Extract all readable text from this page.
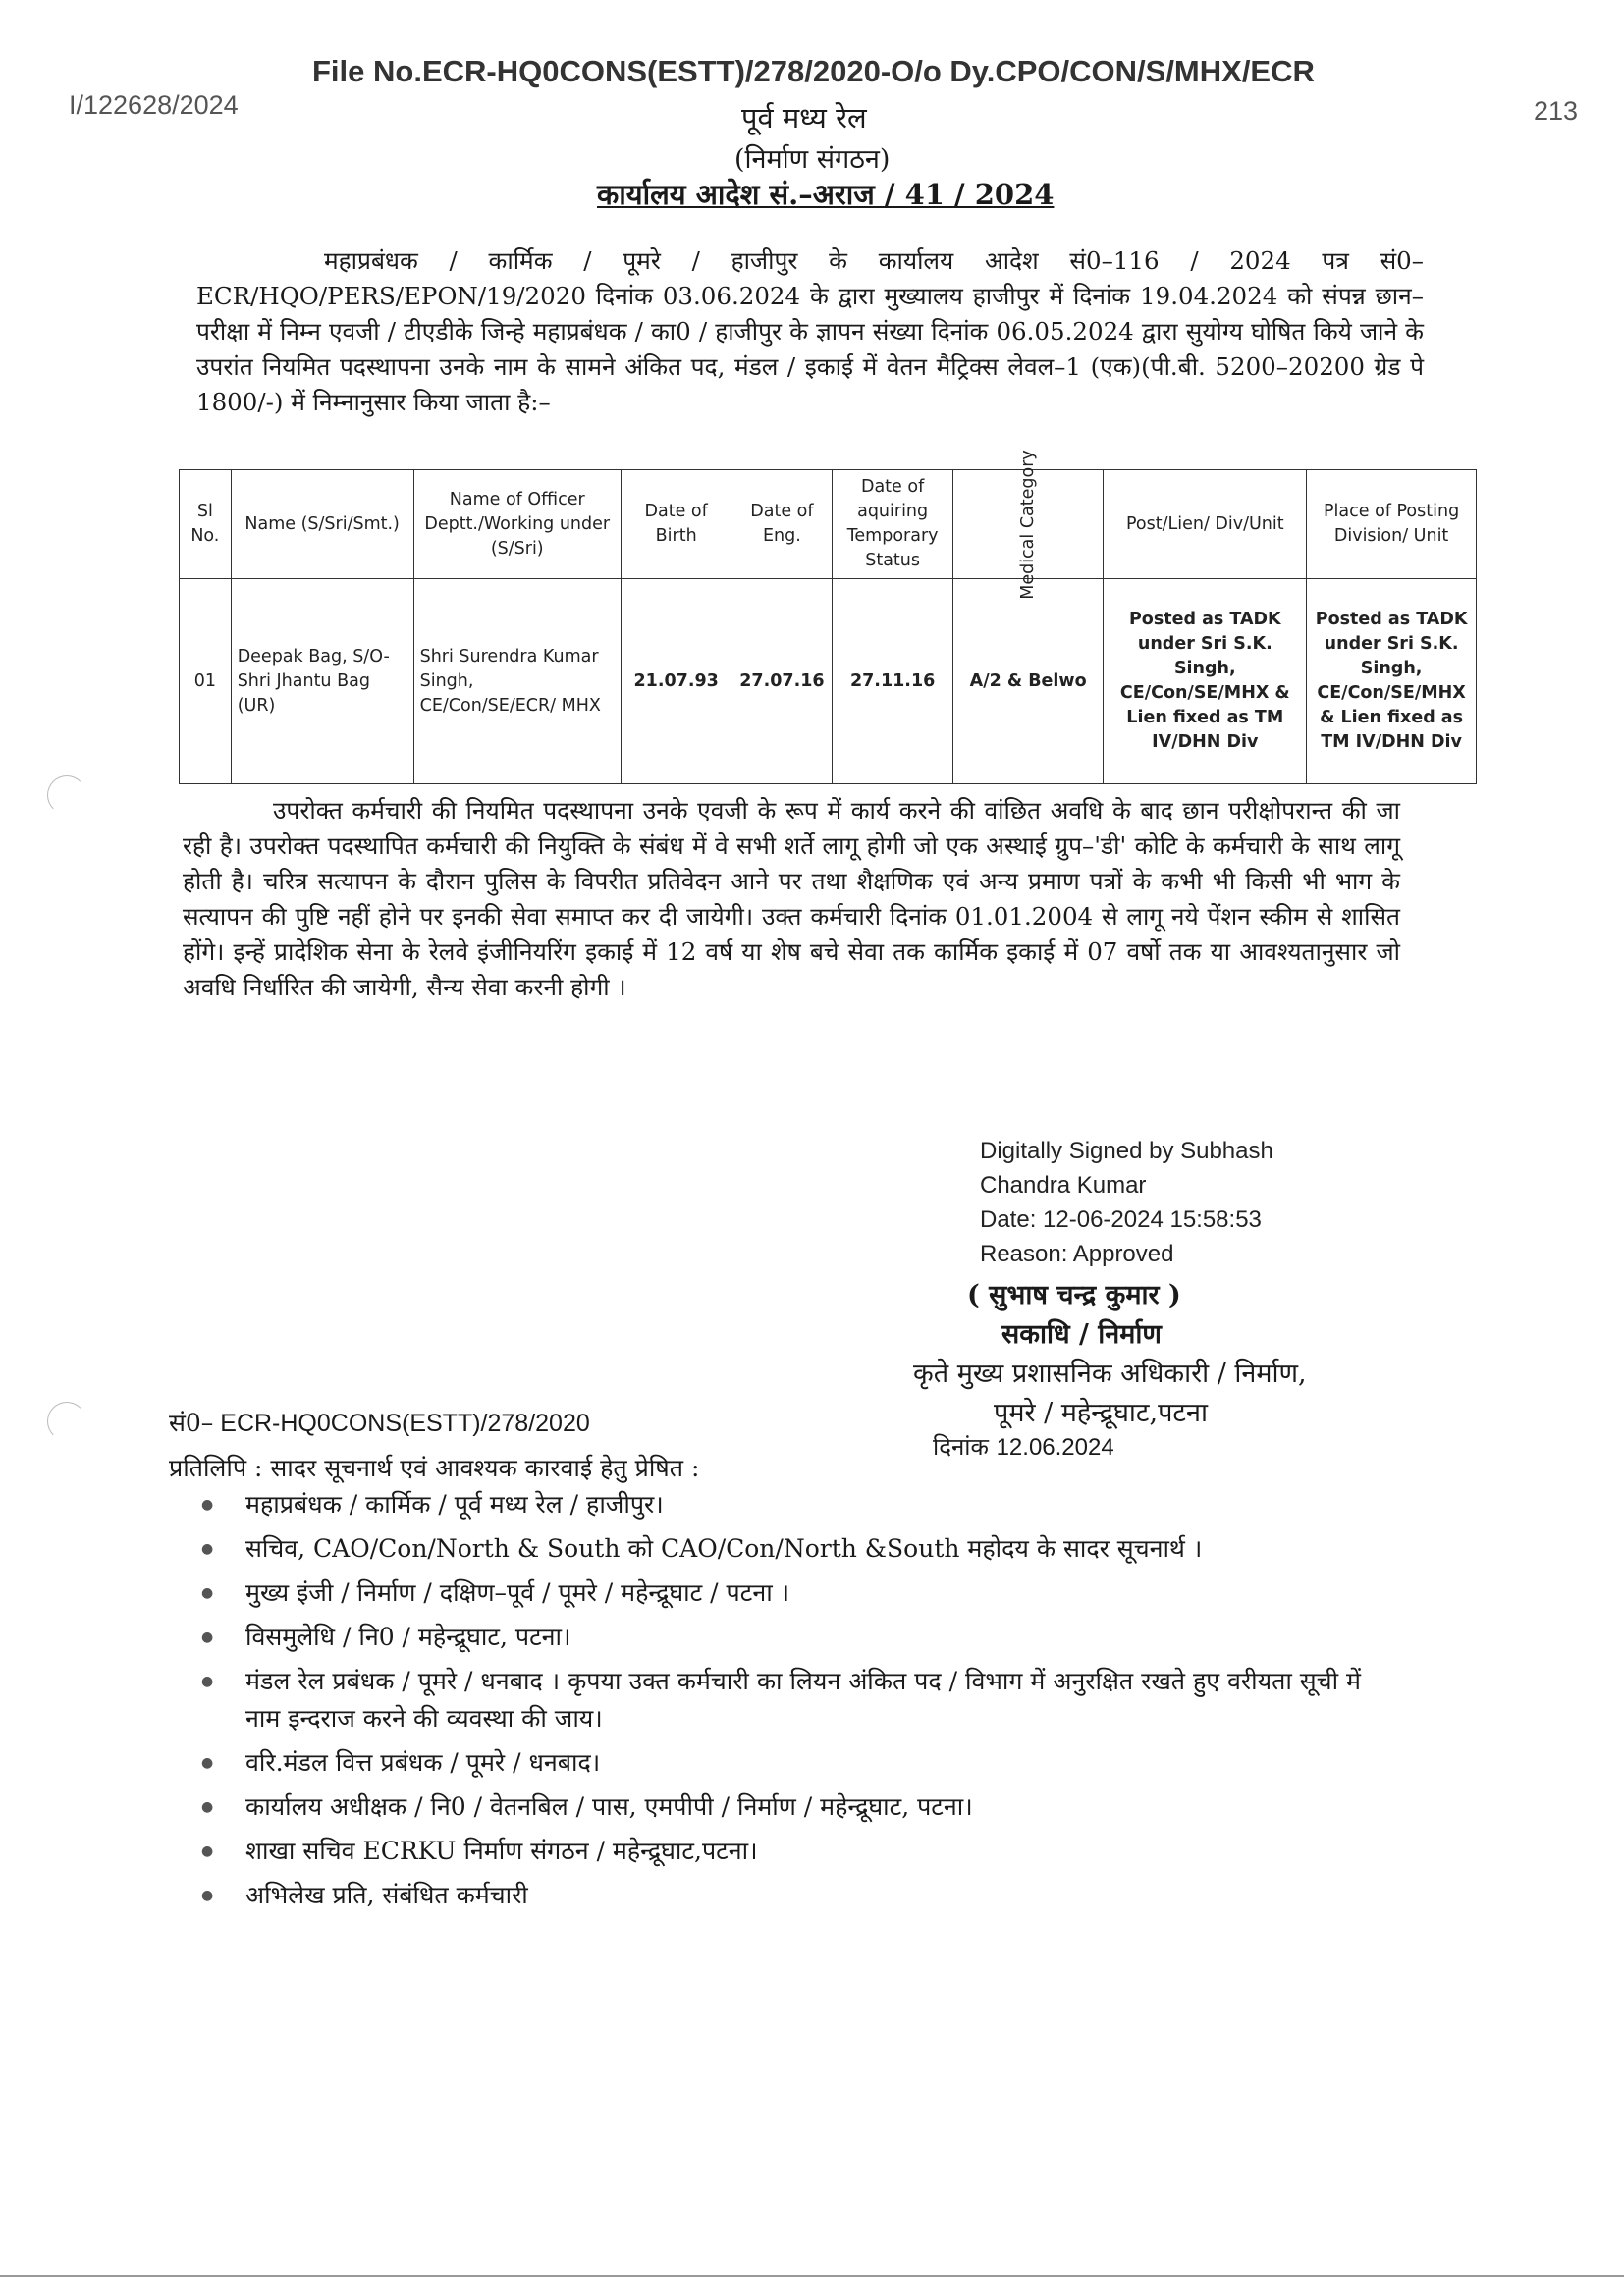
I/122628/2024	213
File No.ECR-HQ0CONS(ESTT)/278/2020-O/o Dy.CPO/CON/S/MHX/ECR
पूर्व मध्य रेल
(निर्माण संगठन)
कार्यालय आदेश सं.–अराज / 41 / 2024
महाप्रबंधक / कार्मिक / पूमरे / हाजीपुर के कार्यालय आदेश सं0–116 / 2024 पत्र सं0–ECR/HQO/PERS/EPON/19/2020 दिनांक 03.06.2024 के द्वारा मुख्यालय हाजीपुर में दिनांक 19.04.2024 को संपन्न छान–परीक्षा में निम्न एवजी / टीएडीके जिन्हे महाप्रबंधक / का0 / हाजीपुर के ज्ञापन संख्या दिनांक 06.05.2024 द्वारा सुयोग्य घोषित किये जाने के उपरांत नियमित पदस्थापना उनके नाम के सामने अंकित पद, मंडल / इकाई में वेतन मैट्रिक्स लेवल–1 (एक)(पी.बी. 5200–20200 ग्रेड पे 1800/-) में निम्नानुसार किया जाता है:–
Sl No.	Name (S/Sri/Smt.)	Name of Officer Deptt./Working under (S/Sri)	Date of Birth	Date of Eng.	Date of aquiring Temporary Status	Medical Category	Post/Lien/ Div/Unit	Place of Posting Division/ Unit
01	Deepak Bag, S/O- Shri Jhantu Bag (UR)	Shri Surendra Kumar Singh, CE/Con/SE/ECR/ MHX	21.07.93	27.07.16	27.11.16	A/2 & Belwo	Posted as TADK under Sri S.K. Singh, CE/Con/SE/MHX & Lien fixed as TM IV/DHN Div	Posted as TADK under Sri S.K. Singh, CE/Con/SE/MHX & Lien fixed as TM IV/DHN Div
उपरोक्त कर्मचारी की नियमित पदस्थापना उनके एवजी के रूप में कार्य करने की वांछित अवधि के बाद छान परीक्षोपरान्त की जा रही है। उपरोक्त पदस्थापित कर्मचारी की नियुक्ति के संबंध में वे सभी शर्ते लागू होगी जो एक अस्थाई ग्रुप–'डी' कोटि के कर्मचारी के साथ लागू होती है। चरित्र सत्यापन के दौरान पुलिस के विपरीत प्रतिवेदन आने पर तथा शैक्षणिक एवं अन्य प्रमाण पत्रों के कभी भी किसी भी भाग के सत्यापन की पुष्टि नहीं होने पर इनकी सेवा समाप्त कर दी जायेगी। उक्त कर्मचारी दिनांक 01.01.2004 से लागू नये पेंशन स्कीम से शासित होंगे। इन्हें प्रादेशिक सेना के रेलवे इंजीनियरिंग इकाई में 12 वर्ष या शेष बचे सेवा तक कार्मिक इकाई में 07 वर्षो तक या आवश्यतानुसार जो अवधि निर्धारित की जायेगी, सैन्य सेवा करनी होगी ।
Digitally Signed by Subhash
Chandra Kumar
Date: 12-06-2024 15:58:53
Reason: Approved
( सुभाष चन्द्र कुमार )
सकाधि / निर्माण
कृते मुख्य प्रशासनिक अधिकारी / निर्माण,
पूमरे / महेन्द्रूघाट,पटना
दिनांक 12.06.2024
सं0– ECR-HQ0CONS(ESTT)/278/2020
प्रतिलिपि : सादर सूचनार्थ एवं आवश्यक कारवाई हेतु प्रेषित :
● महाप्रबंधक / कार्मिक / पूर्व मध्य रेल / हाजीपुर।
● सचिव, CAO/Con/North & South को CAO/Con/North &South महोदय के सादर सूचनार्थ ।
● मुख्य इंजी / निर्माण / दक्षिण–पूर्व / पूमरे / महेन्द्रूघाट / पटना ।
● विसमुलेधि / नि0 / महेन्द्रूघाट, पटना।
● मंडल रेल प्रबंधक / पूमरे / धनबाद । कृपया उक्त कर्मचारी का लियन अंकित पद / विभाग में अनुरक्षित रखते हुए वरीयता सूची में नाम इन्दराज करने की व्यवस्था की जाय।
● वरि.मंडल वित्त प्रबंधक / पूमरे / धनबाद।
● कार्यालय अधीक्षक / नि0 / वेतनबिल / पास, एमपीपी / निर्माण / महेन्द्रूघाट, पटना।
● शाखा सचिव ECRKU निर्माण संगठन / महेन्द्रूघाट,पटना।
● अभिलेख प्रति, संबंधित कर्मचारी
